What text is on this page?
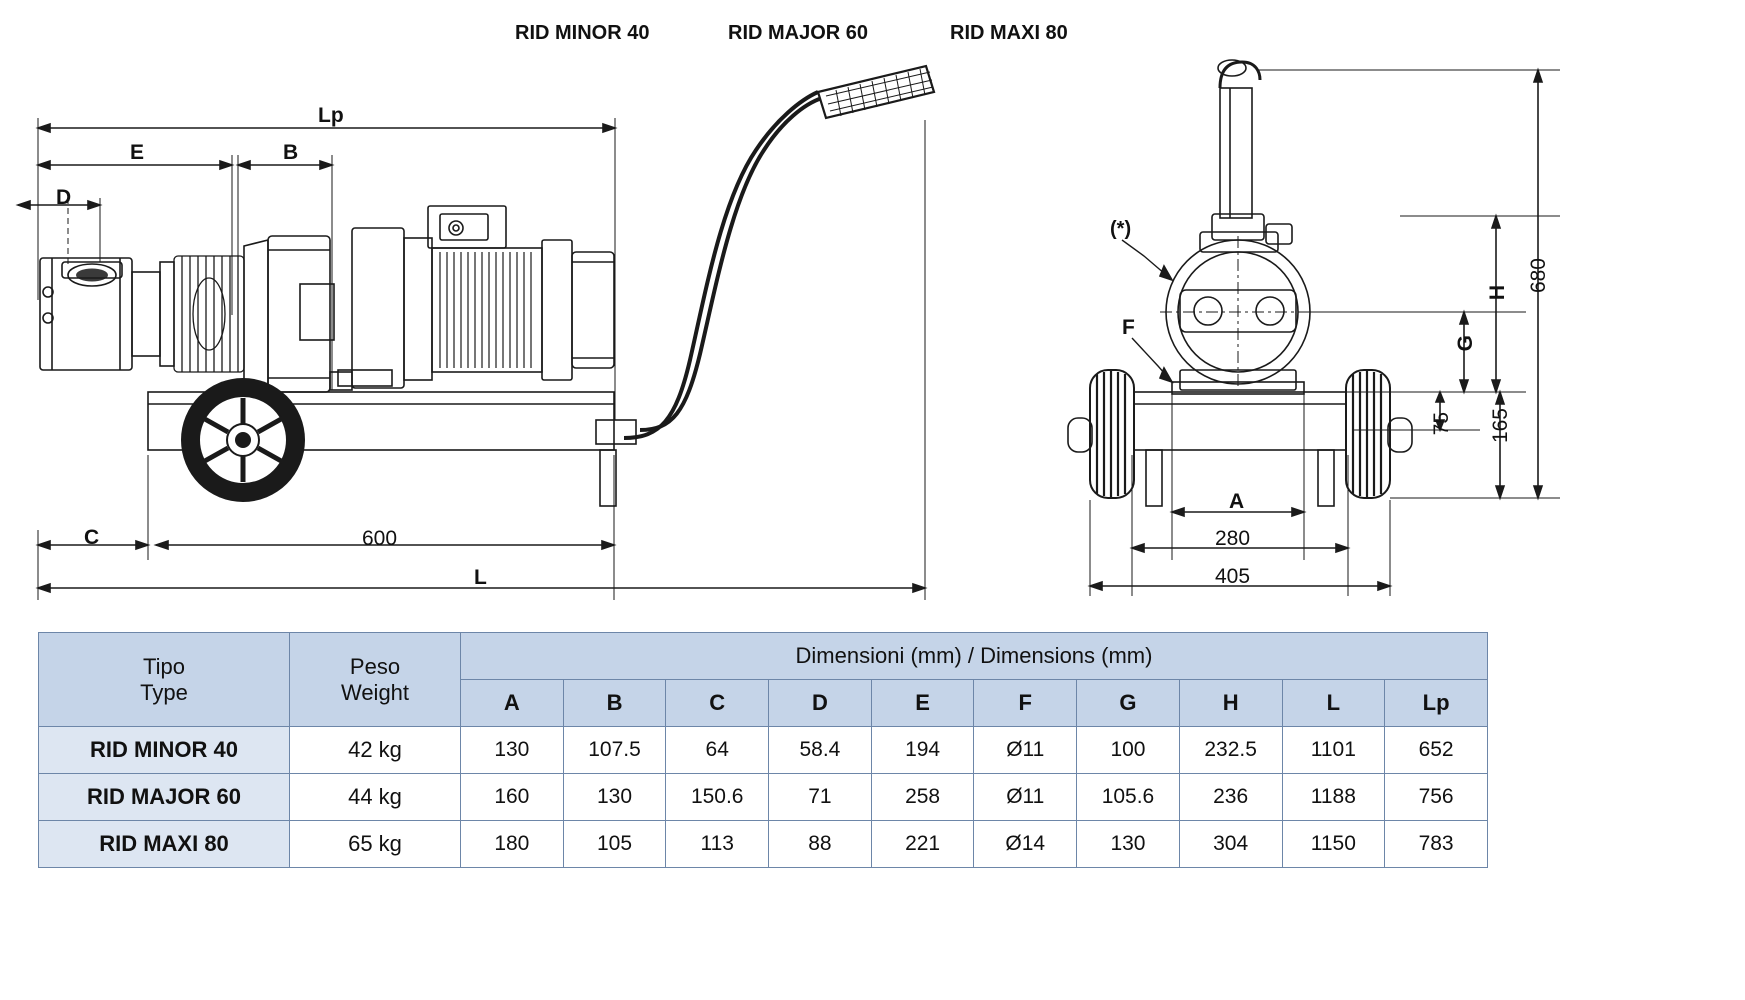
RID MINOR 40	RID MAJOR 60	RID MAXI 80
Lp
E	B
D
C	600
L
(*)
F
A
280
405
680
H
G
75 165
Tipo
Type

Peso
Weight
	Dimensioni (mm) / Dimensions (mm)
		A	B	C	D	E	F	G	H	L	Lp
RID MINOR 40	42 kg	130	107.5	64	58.4	194	Ø11	100	232.5	1101	652
RID MAJOR 60	44 kg	160	130	150.6	71	258	Ø11	105.6	236	1188	756
RID MAXI 80	65 kg	180	105	113	88	221	Ø14	130	304	1150	783
